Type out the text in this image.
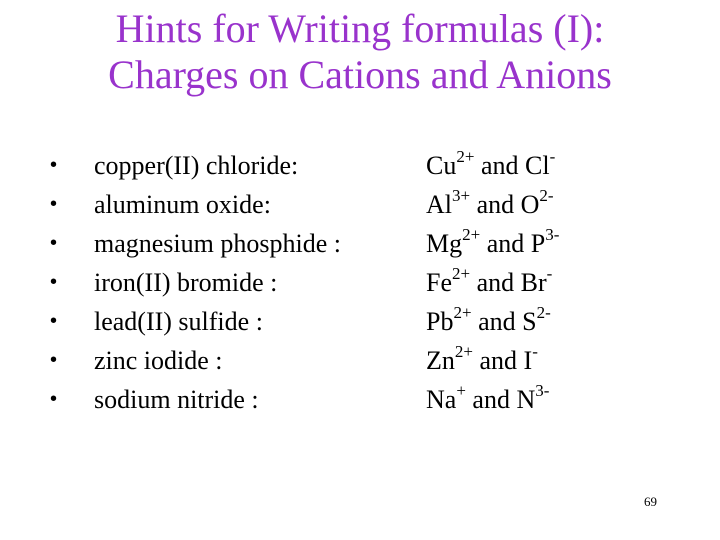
Hints for Writing formulas (I):
Charges on Cations and Anions
• copper(II) chloride:	$Cu^{2+}$ and Cl-
• aluminum oxide:	$Al^{3+}$ and $O^{2-}$
• magnesium phosphide :	$Mg^{2+}$ and $P^{3-}$
• iron(II) bromide :	$Fe^{2+}$ and Br-
• lead(II) sulfide :	$Pb^{2+}$ and $S^{2-}$
• zinc iodide :	$Zn^{2+}$ and I-
• sodium nitride :	Na+ and $N^{3-}$
69
